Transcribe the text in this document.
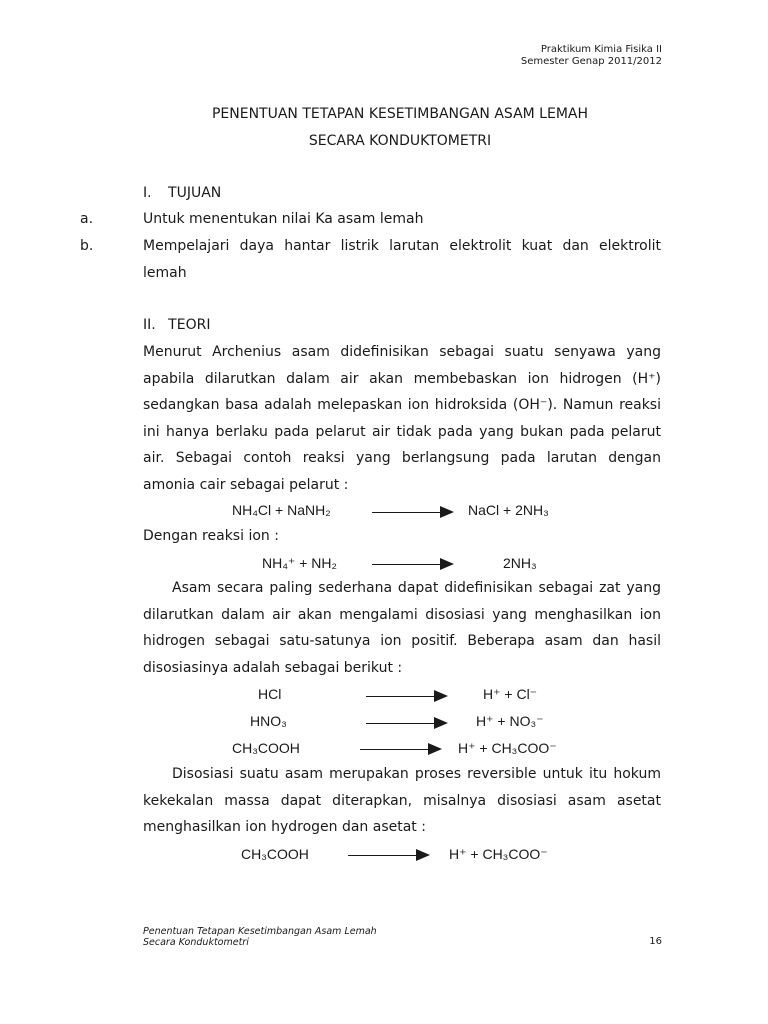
Praktikum Kimia Fisika II
Semester Genap 2011/2012
PENENTUAN TETAPAN KESETIMBANGAN ASAM LEMAH
SECARA KONDUKTOMETRI
I. TUJUAN
a.	Untuk menentukan nilai Ka asam lemah
b.	Mempelajari daya hantar listrik larutan elektrolit kuat dan elektrolit lemah
II. TEORI
Menurut Archenius asam didefinisikan sebagai suatu senyawa yang apabila dilarutkan dalam air akan membebaskan ion hidrogen (H⁺) sedangkan basa adalah melepaskan ion hidroksida (OH⁻). Namun reaksi ini hanya berlaku pada pelarut air tidak pada yang bukan pada pelarut air. Sebagai contoh reaksi yang berlangsung pada larutan dengan amonia cair sebagai pelarut :
NH₄Cl + NaNH₂	NaCl + 2NH₃
Dengan reaksi ion :
NH₄⁺ + NH₂	2NH₃
Asam secara paling sederhana dapat didefinisikan sebagai zat yang dilarutkan dalam air akan mengalami disosiasi yang menghasilkan ion hidrogen sebagai satu-satunya ion positif. Beberapa asam dan hasil disosiasinya adalah sebagai berikut :
HCl	H⁺ + Cl⁻
HNO₃	H⁺ + NO₃⁻
CH₃COOH	H⁺ + CH₃COO⁻
Disosiasi suatu asam merupakan proses reversible untuk itu hokum kekekalan massa dapat diterapkan, misalnya disosiasi asam asetat menghasilkan ion hydrogen dan asetat :
CH₃COOH	H⁺ + CH₃COO⁻
Penentuan Tetapan Kesetimbangan Asam Lemah
Secara Konduktometri	16
